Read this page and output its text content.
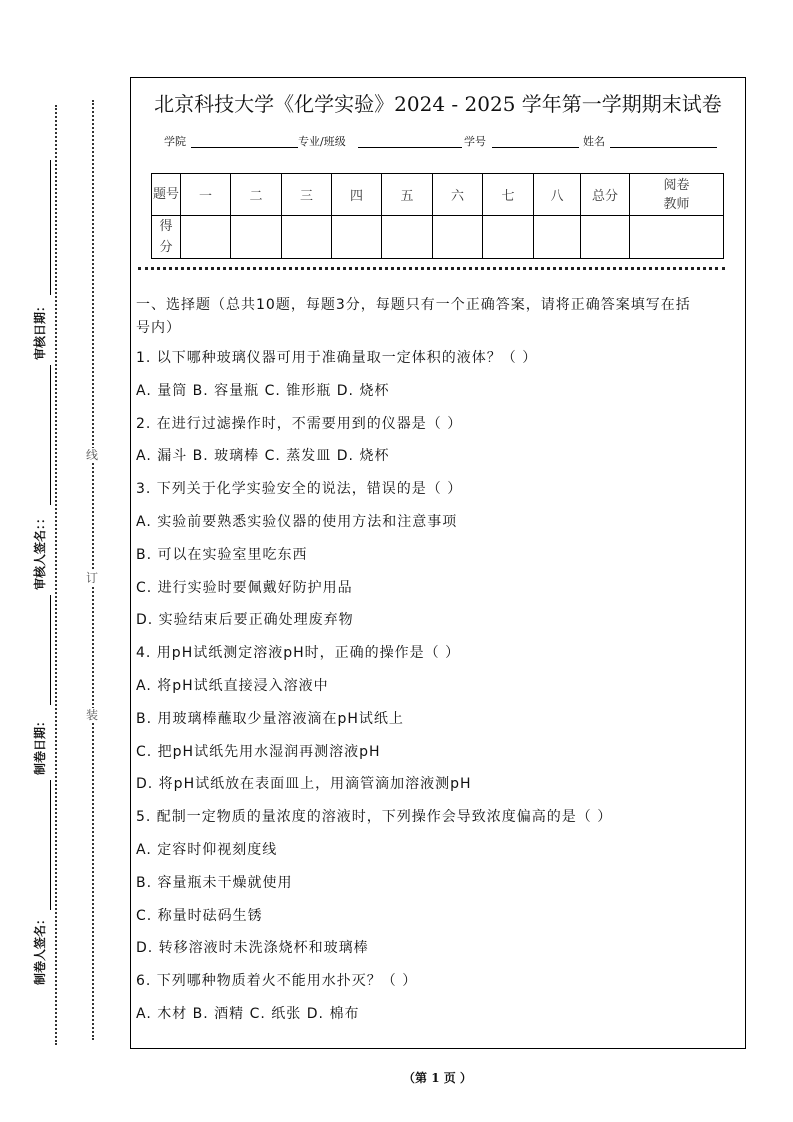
制卷人签名：
制卷日期：
审核人签名：：
审核日期：
线
订
装
北京科技大学《化学实验》2024 - 2025 学年第一学期期末试卷
学院	专业/班级	学号	姓名
题号	一	二	三	四	五	六	七	八	总分	阅卷教师
得分										
一、选择题（总共10题，每题3分，每题只有一个正确答案，请将正确答案填写在括
号内）
1. 以下哪种玻璃仪器可用于准确量取一定体积的液体？（ ）
A. 量筒 B. 容量瓶 C. 锥形瓶 D. 烧杯
2. 在进行过滤操作时，不需要用到的仪器是（ ）
A. 漏斗 B. 玻璃棒 C. 蒸发皿 D. 烧杯
3. 下列关于化学实验安全的说法，错误的是（ ）
A. 实验前要熟悉实验仪器的使用方法和注意事项
B. 可以在实验室里吃东西
C. 进行实验时要佩戴好防护用品
D. 实验结束后要正确处理废弃物
4. 用pH试纸测定溶液pH时，正确的操作是（ ）
A. 将pH试纸直接浸入溶液中
B. 用玻璃棒蘸取少量溶液滴在pH试纸上
C. 把pH试纸先用水湿润再测溶液pH
D. 将pH试纸放在表面皿上，用滴管滴加溶液测pH
5. 配制一定物质的量浓度的溶液时，下列操作会导致浓度偏高的是（ ）
A. 定容时仰视刻度线
B. 容量瓶未干燥就使用
C. 称量时砝码生锈
D. 转移溶液时未洗涤烧杯和玻璃棒
6. 下列哪种物质着火不能用水扑灭？（ ）
A. 木材 B. 酒精 C. 纸张 D. 棉布
（第 1 页 ）
